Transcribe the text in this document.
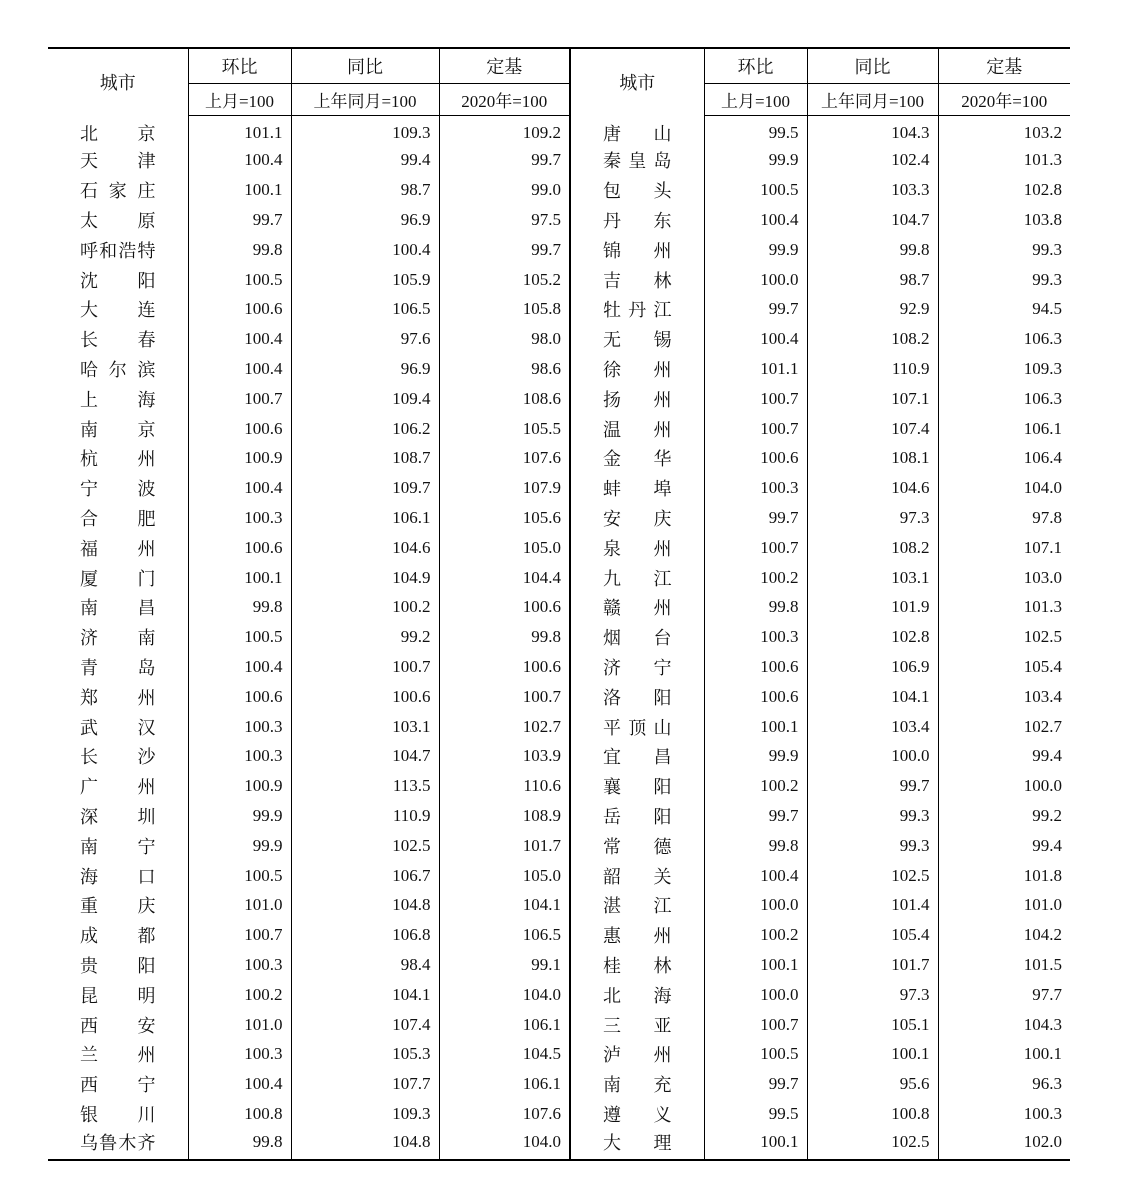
城市	环比	同比	定基	城市	环比	同比	定基
	上月=100	上年同月=100	2020年=100		上月=100	上年同月=100	2020年=100
北　京	101.1	109.3	109.2	唐　山	99.5	104.3	103.2
天　津	100.4	99.4	99.7	秦皇岛	99.9	102.4	101.3
石家庄	100.1	98.7	99.0	包　头	100.5	103.3	102.8
太　原	99.7	96.9	97.5	丹　东	100.4	104.7	103.8
呼和浩特	99.8	100.4	99.7	锦　州	99.9	99.8	99.3
沈　阳	100.5	105.9	105.2	吉　林	100.0	98.7	99.3
大　连	100.6	106.5	105.8	牡丹江	99.7	92.9	94.5
长　春	100.4	97.6	98.0	无　锡	100.4	108.2	106.3
哈尔滨	100.4	96.9	98.6	徐　州	101.1	110.9	109.3
上　海	100.7	109.4	108.6	扬　州	100.7	107.1	106.3
南　京	100.6	106.2	105.5	温　州	100.7	107.4	106.1
杭　州	100.9	108.7	107.6	金　华	100.6	108.1	106.4
宁　波	100.4	109.7	107.9	蚌　埠	100.3	104.6	104.0
合　肥	100.3	106.1	105.6	安　庆	99.7	97.3	97.8
福　州	100.6	104.6	105.0	泉　州	100.7	108.2	107.1
厦　门	100.1	104.9	104.4	九　江	100.2	103.1	103.0
南　昌	99.8	100.2	100.6	赣　州	99.8	101.9	101.3
济　南	100.5	99.2	99.8	烟　台	100.3	102.8	102.5
青　岛	100.4	100.7	100.6	济　宁	100.6	106.9	105.4
郑　州	100.6	100.6	100.7	洛　阳	100.6	104.1	103.4
武　汉	100.3	103.1	102.7	平顶山	100.1	103.4	102.7
长　沙	100.3	104.7	103.9	宜　昌	99.9	100.0	99.4
广　州	100.9	113.5	110.6	襄　阳	100.2	99.7	100.0
深　圳	99.9	110.9	108.9	岳　阳	99.7	99.3	99.2
南　宁	99.9	102.5	101.7	常　德	99.8	99.3	99.4
海　口	100.5	106.7	105.0	韶　关	100.4	102.5	101.8
重　庆	101.0	104.8	104.1	湛　江	100.0	101.4	101.0
成　都	100.7	106.8	106.5	惠　州	100.2	105.4	104.2
贵　阳	100.3	98.4	99.1	桂　林	100.1	101.7	101.5
昆　明	100.2	104.1	104.0	北　海	100.0	97.3	97.7
西　安	101.0	107.4	106.1	三　亚	100.7	105.1	104.3
兰　州	100.3	105.3	104.5	泸　州	100.5	100.1	100.1
西　宁	100.4	107.7	106.1	南　充	99.7	95.6	96.3
银　川	100.8	109.3	107.6	遵　义	99.5	100.8	100.3
乌鲁木齐	99.8	104.8	104.0	大　理	100.1	102.5	102.0
